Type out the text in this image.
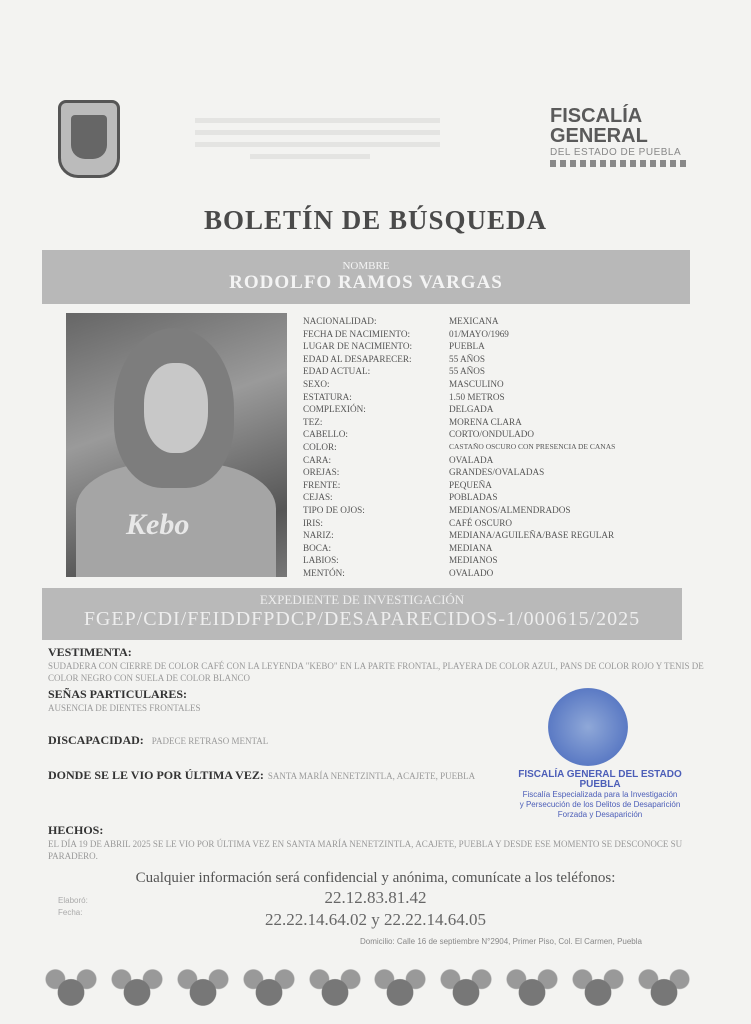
FISCALÍA
GENERAL
DEL ESTADO DE PUEBLA
BOLETÍN DE BÚSQUEDA
NOMBRE
RODOLFO RAMOS VARGAS
Kebo
NACIONALIDAD:	MEXICANA
FECHA DE NACIMIENTO:	01/MAYO/1969
LUGAR DE NACIMIENTO:	PUEBLA
EDAD AL DESAPARECER:	55 AÑOS
EDAD ACTUAL:	55 AÑOS
SEXO:	MASCULINO
ESTATURA:	1.50 METROS
COMPLEXIÓN:	DELGADA
TEZ:	MORENA CLARA
CABELLO:	CORTO/ONDULADO
COLOR:	CASTAÑO OSCURO CON PRESENCIA DE CANAS
CARA:	OVALADA
OREJAS:	GRANDES/OVALADAS
FRENTE:	PEQUEÑA
CEJAS:	POBLADAS
TIPO DE OJOS:	MEDIANOS/ALMENDRADOS
IRIS:	CAFÉ OSCURO
NARIZ:	MEDIANA/AGUILEÑA/BASE REGULAR
BOCA:	MEDIANA
LABIOS:	MEDIANOS
MENTÓN:	OVALADO
EXPEDIENTE DE INVESTIGACIÓN
FGEP/CDI/FEIDDFPDCP/DESAPARECIDOS-1/000615/2025
VESTIMENTA:
SUDADERA CON CIERRE DE COLOR CAFÉ CON LA LEYENDA "KEBO" EN LA PARTE FRONTAL, PLAYERA DE COLOR AZUL, PANS DE COLOR ROJO Y TENIS DE COLOR NEGRO CON SUELA DE COLOR BLANCO
SEÑAS PARTICULARES:
AUSENCIA DE DIENTES FRONTALES
DISCAPACIDAD: PADECE RETRASO MENTAL
DONDE SE LE VIO POR ÚLTIMA VEZ: SANTA MARÍA NENETZINTLA, ACAJETE, PUEBLA
HECHOS:
EL DÍA 19 DE ABRIL 2025 SE LE VIO POR ÚLTIMA VEZ EN SANTA MARÍA NENETZINTLA, ACAJETE, PUEBLA Y DESDE ESE MOMENTO SE DESCONOCE SU PARADERO.
FISCALÍA GENERAL DEL ESTADO
PUEBLA
Fiscalía Especializada para la Investigación
y Persecución de los Delitos de Desaparición
Forzada y Desaparición
Cualquier información será confidencial y anónima, comunícate a los teléfonos:
22.12.83.81.42
22.22.14.64.02 y 22.22.14.64.05
Elaboró:
Fecha:
Domicilio: Calle 16 de septiembre N°2904, Primer Piso, Col. El Carmen, Puebla
